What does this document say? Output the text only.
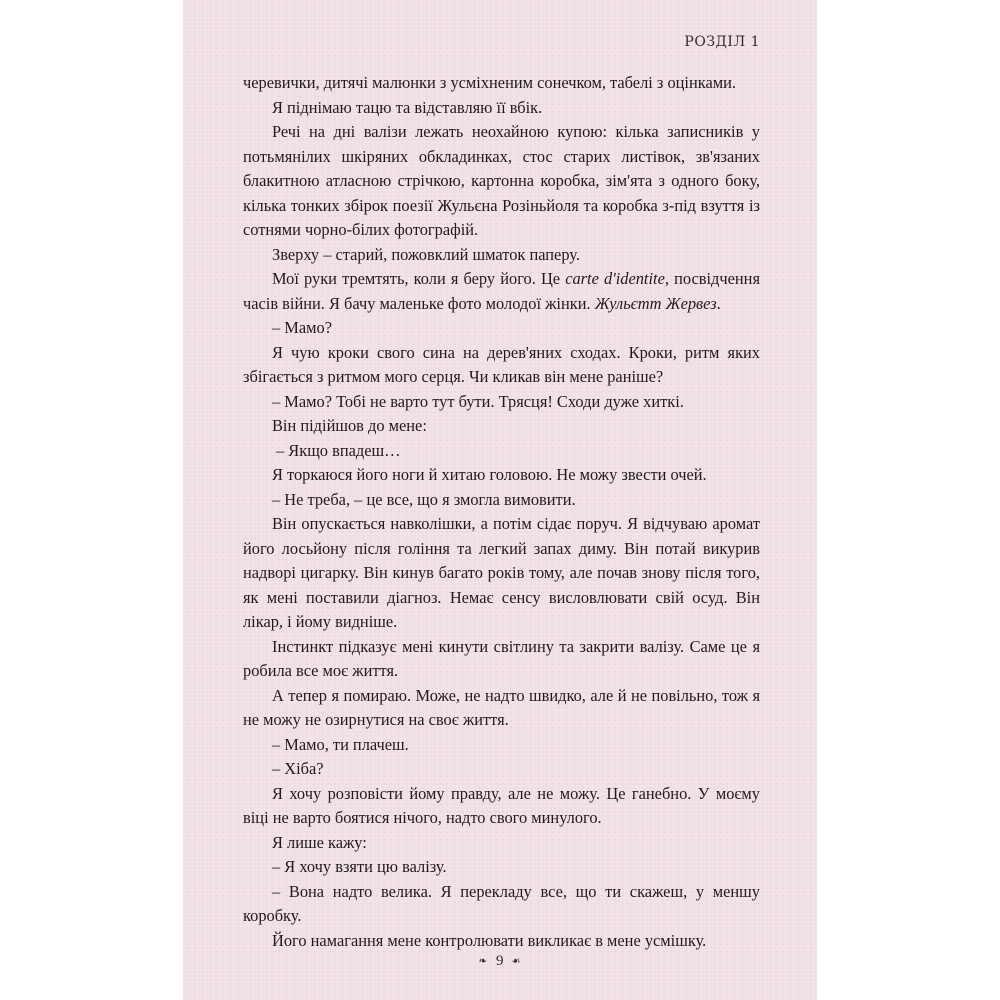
РОЗДІЛ 1

черевички, дитячі малюнки з усміхненим сонечком, табелі з оцінками.

Я піднімаю тацю та відставляю її вбік.

Речі на дні валізи лежать неохайною купою: кілька записників у потьмянілих шкіряних обкладинках, стос старих листівок, зв'язаних блакитною атласною стрічкою, картонна коробка, зім'ята з одного боку, кілька тонких збірок поезії Жульєна Розіньйоля та коробка з-під взуття із сотнями чорно-білих фотографій.

Зверху – старий, пожовклий шматок паперу.

Мої руки тремтять, коли я беру його. Це carte d'identite, посвідчення часів війни. Я бачу маленьке фото молодої жінки. Жульєтт Жервез.

– Мамо?

Я чую кроки свого сина на дерев'яних сходах. Кроки, ритм яких збігається з ритмом мого серця. Чи кликав він мене раніше?

– Мамо? Тобі не варто тут бути. Трясця! Сходи дуже хиткі.

Він підійшов до мене:

– Якщо впадеш…

Я торкаюся його ноги й хитаю головою. Не можу звести очей.

– Не треба, – це все, що я змогла вимовити.

Він опускається навколішки, а потім сідає поруч. Я відчуваю аромат його лосьйону після гоління та легкий запах диму. Він потай викурив надворі цигарку. Він кинув багато років тому, але почав знову після того, як мені поставили діагноз. Немає сенсу висловлювати свій осуд. Він лікар, і йому видніше.

Інстинкт підказує мені кинути світлину та закрити валізу. Саме це я робила все моє життя.

А тепер я помираю. Може, не надто швидко, але й не повільно, тож я не можу не озирнутися на своє життя.

– Мамо, ти плачеш.

– Хіба?

Я хочу розповісти йому правду, але не можу. Це ганебно. У моєму віці не варто боятися нічого, надто свого минулого.

Я лише кажу:

– Я хочу взяти цю валізу.

– Вона надто велика. Я перекладу все, що ти скажеш, у меншу коробку.

Його намагання мене контролювати викликає в мене усмішку.

❧ 9 ☙
